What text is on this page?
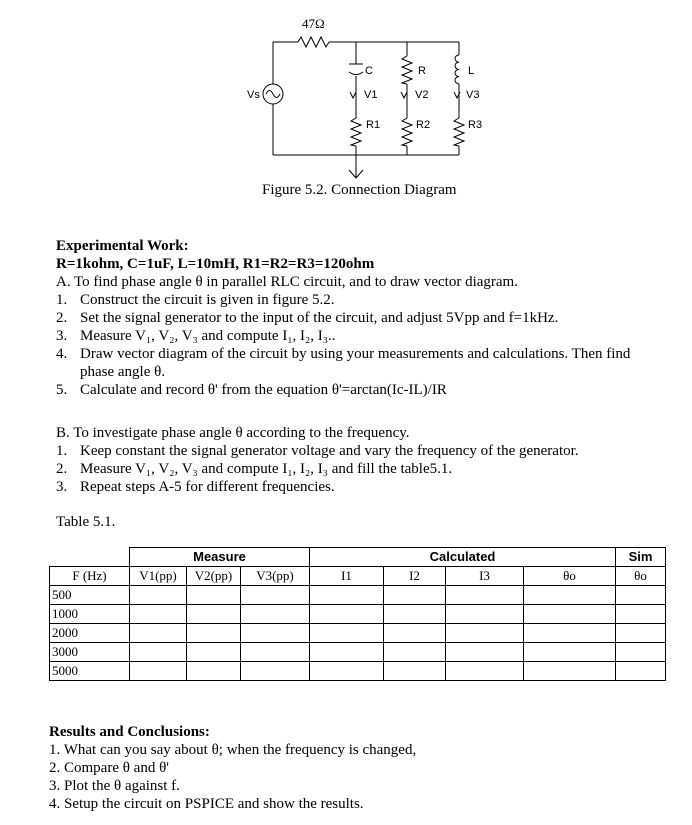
47Ω
Vs
C	R	L
V1	V2	V3
R1	R2	R3
Figure 5.2. Connection Diagram
Experimental Work:
R=1kohm, C=1uF, L=10mH, R1=R2=R3=120ohm
A. To find phase angle θ in parallel RLC circuit, and to draw vector diagram.
1. Construct the circuit is given in figure 5.2.
2. Set the signal generator to the input of the circuit, and adjust 5Vpp and f=1kHz.
3. Measure V₁, V₂, V₃ and compute I₁, I₂, I₃..
4. Draw vector diagram of the circuit by using your measurements and calculations. Then find
phase angle θ.
5. Calculate and record θ' from the equation θ'=arctan(Ic-IL)/IR
B. To investigate phase angle θ according to the frequency.
1. Keep constant the signal generator voltage and vary the frequency of the generator.
2. Measure V₁, V₂, V₃ and compute I₁, I₂, I₃ and fill the table5.1.
3. Repeat steps A-5 for different frequencies.
Table 5.1.
	Measure			Calculated				Sim
F (Hz)	V1(pp)	V2(pp)	V3(pp)	I1	I2	I3	θo	θo
500								
1000								
2000								
3000								
5000								
Results and Conclusions:
1. What can you say about θ; when the frequency is changed,
2. Compare θ and θ'
3. Plot the θ against f.
4. Setup the circuit on PSPICE and show the results.
